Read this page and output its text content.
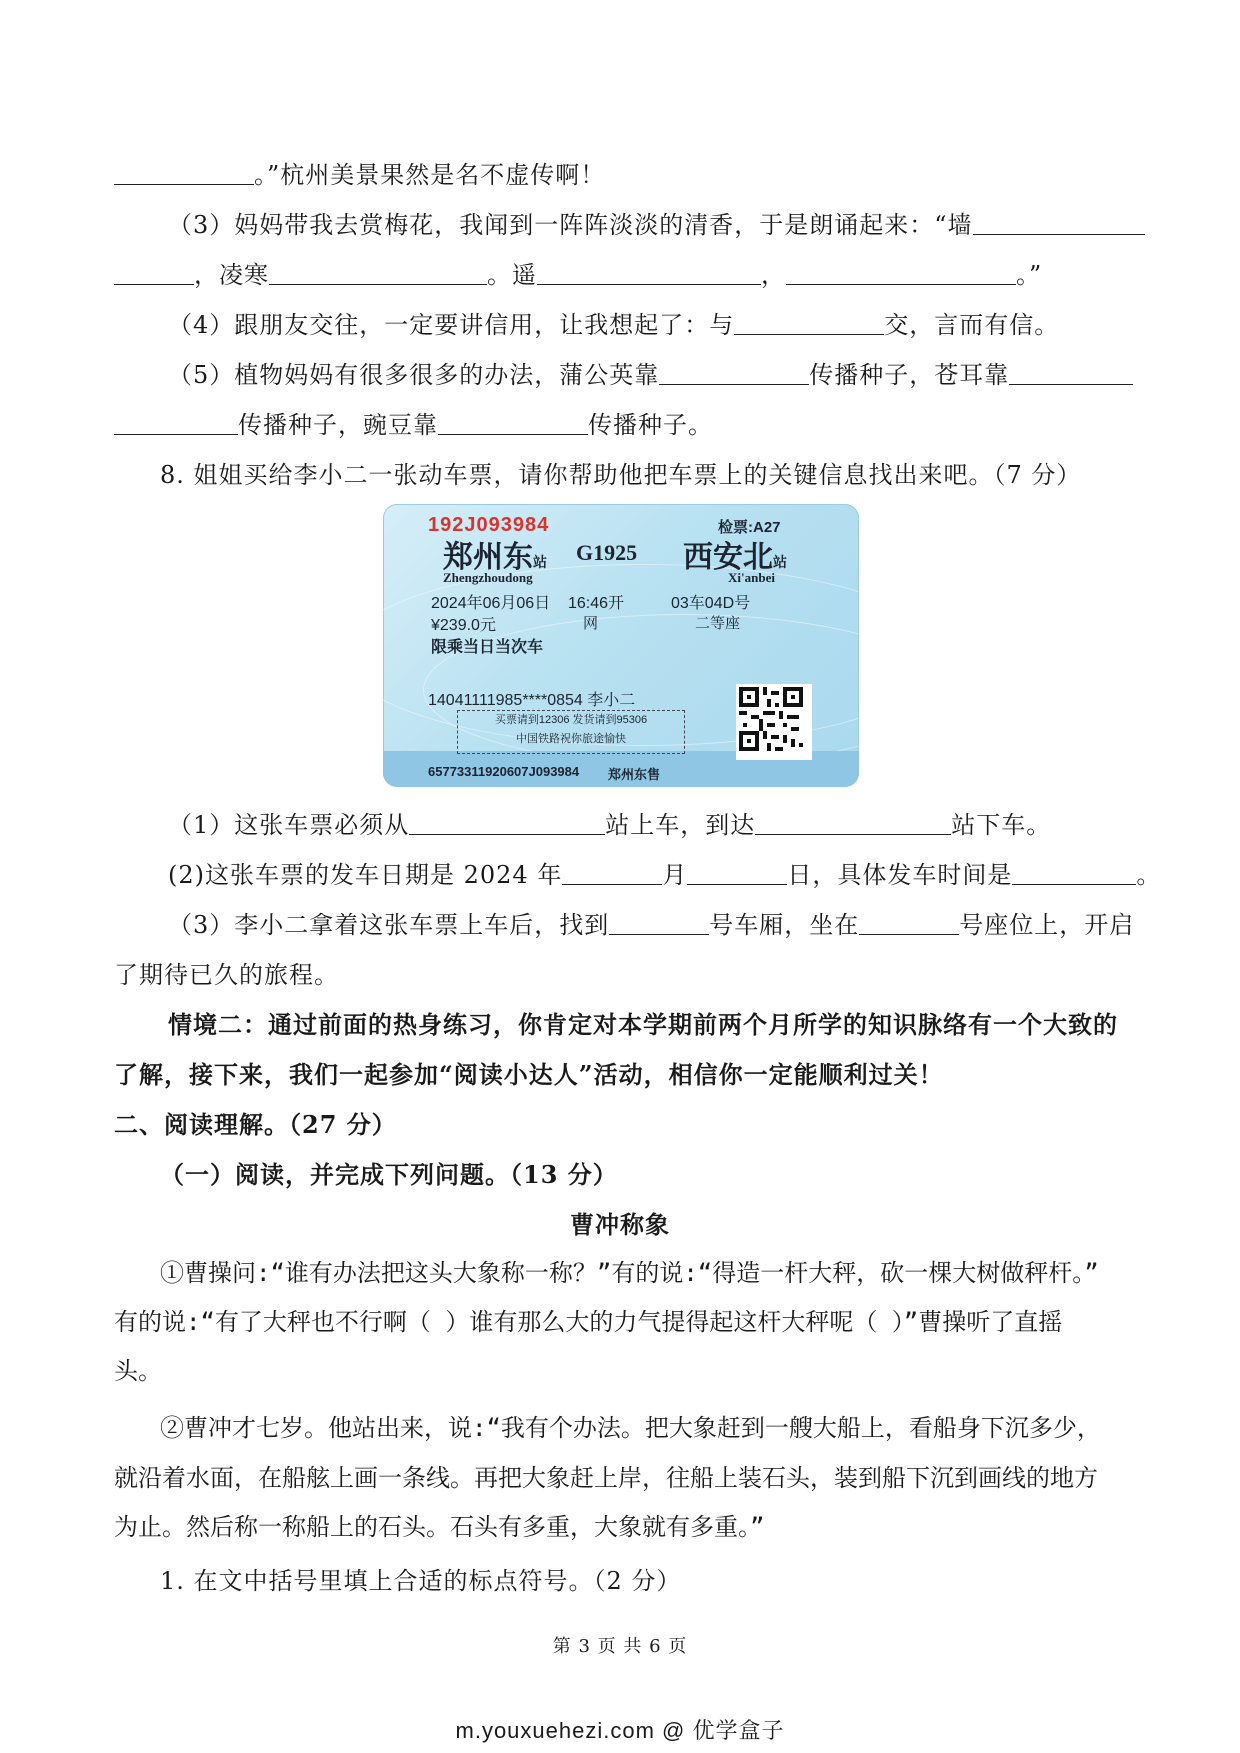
。”杭州美景果然是名不虚传啊！
（3）妈妈带我去赏梅花，我闻到一阵阵淡淡的清香，于是朗诵起来：“墙
，凌寒	。遥	，	。”
（4）跟朋友交往，一定要讲信用，让我想起了：与	交，言而有信。
（5）植物妈妈有很多很多的办法，蒲公英靠	传播种子，苍耳靠
传播种子，豌豆靠	传播种子。
8. 姐姐买给李小二一张动车票，请你帮助他把车票上的关键信息找出来吧。（7 分）
192J093984	检票:A27
郑州东站 G1925 西安北站
Zhengzhoudong	Xi'anbei
2024年06月06日 16:46开	03车04D号
¥239.0元	网	二等座
限乘当日当次车
14041111985****0854 李小二
买票请到12306 发货请到95306
中国铁路祝你旅途愉快
65773311920607J093984 郑州东售
（1）这张车票必须从	站上车，到达	站下车。
(2)这张车票的发车日期是 2024 年	月	日，具体发车时间是	。
（3）李小二拿着这张车票上车后，找到	号车厢，坐在	号座位上，开启
了期待已久的旅程。
情境二：通过前面的热身练习，你肯定对本学期前两个月所学的知识脉络有一个大致的
了解，接下来，我们一起参加“阅读小达人”活动，相信你一定能顺利过关！
二、阅读理解。（27 分）
（一）阅读，并完成下列问题。（13 分）
曹冲称象
①曹操问:“谁有办法把这头大象称一称？”有的说:“得造一杆大秤，砍一棵大树做秤杆。”
有的说:“有了大秤也不行啊（ ）谁有那么大的力气提得起这杆大秤呢（ ）”曹操听了直摇
头。
②曹冲才七岁。他站出来，说:“我有个办法。把大象赶到一艘大船上，看船身下沉多少，
就沿着水面，在船舷上画一条线。再把大象赶上岸，往船上装石头，装到船下沉到画线的地方
为止。然后称一称船上的石头。石头有多重，大象就有多重。”
1. 在文中括号里填上合适的标点符号。（2 分）
第 3 页 共 6 页
m.youxuehezi.com @ 优学盒子
